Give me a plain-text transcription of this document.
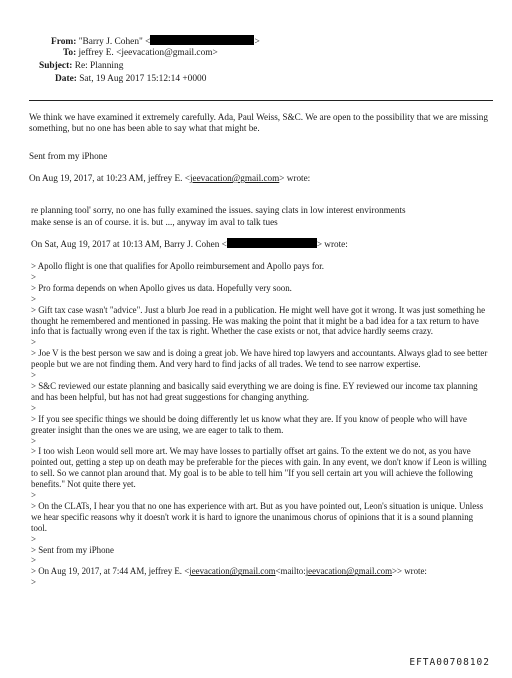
From: "Barry J. Cohen" <	>
To: jeffrey E. <jeevacation@gmail.com>
Subject: Re: Planning
Date: Sat, 19 Aug 2017 15:12:14 +0000
We think we have examined it extremely carefully. Ada, Paul Weiss, S&C. We are open to the possibility that we are missing something, but no one has been able to say what that might be.
Sent from my iPhone
On Aug 19, 2017, at 10:23 AM, jeffrey E. <jeevacation@gmail.com> wrote:
re planning tool' sorry, no one has fully examined the issues. saying clats in low interest environments
make sense is an of course. it is. but ..., anyway im aval to talk tues
On Sat, Aug 19, 2017 at 10:13 AM, Barry J. Cohen <	> wrote:

> Apollo flight is one that qualifies for Apollo reimbursement and Apollo pays for.

>

> Pro forma depends on when Apollo gives us data. Hopefully very soon.

>

> Gift tax case wasn't "advice". Just a blurb Joe read in a publication. He might well have got it wrong. It was just something he thought he remembered and mentioned in passing. He was making the point that it might be a bad idea for a tax return to have info that is factually wrong even if the tax is right. Whether the case exists or not, that advice hardly seems crazy.

>

> Joe V is the best person we saw and is doing a great job. We have hired top lawyers and accountants. Always glad to see better people but we are not finding them. And very hard to find jacks of all trades. We tend to see narrow expertise.

>

> S&C reviewed our estate planning and basically said everything we are doing is fine. EY reviewed our income tax planning and has been helpful, but has not had great suggestions for changing anything.

>

> If you see specific things we should be doing differently let us know what they are. If you know of people who will have greater insight than the ones we are using, we are eager to talk to them.

>

> I too wish Leon would sell more art. We may have losses to partially offset art gains. To the extent we do not, as you have pointed out, getting a step up on death may be preferable for the pieces with gain. In any event, we don't know if Leon is willing to sell. So we cannot plan around that. My goal is to be able to tell him "If you sell certain art you will achieve the following benefits." Not quite there yet.

>

> On the CLATs, I hear you that no one has experience with art. But as you have pointed out, Leon's situation is unique. Unless we hear specific reasons why it doesn't work it is hard to ignore the unanimous chorus of opinions that it is a sound planning tool.

>

> Sent from my iPhone

>

> On Aug 19, 2017, at 7:44 AM, jeffrey E. <jeevacation@gmail.com<mailto:jeevacation@gmail.com>> wrote:

>

EFTA00708102
